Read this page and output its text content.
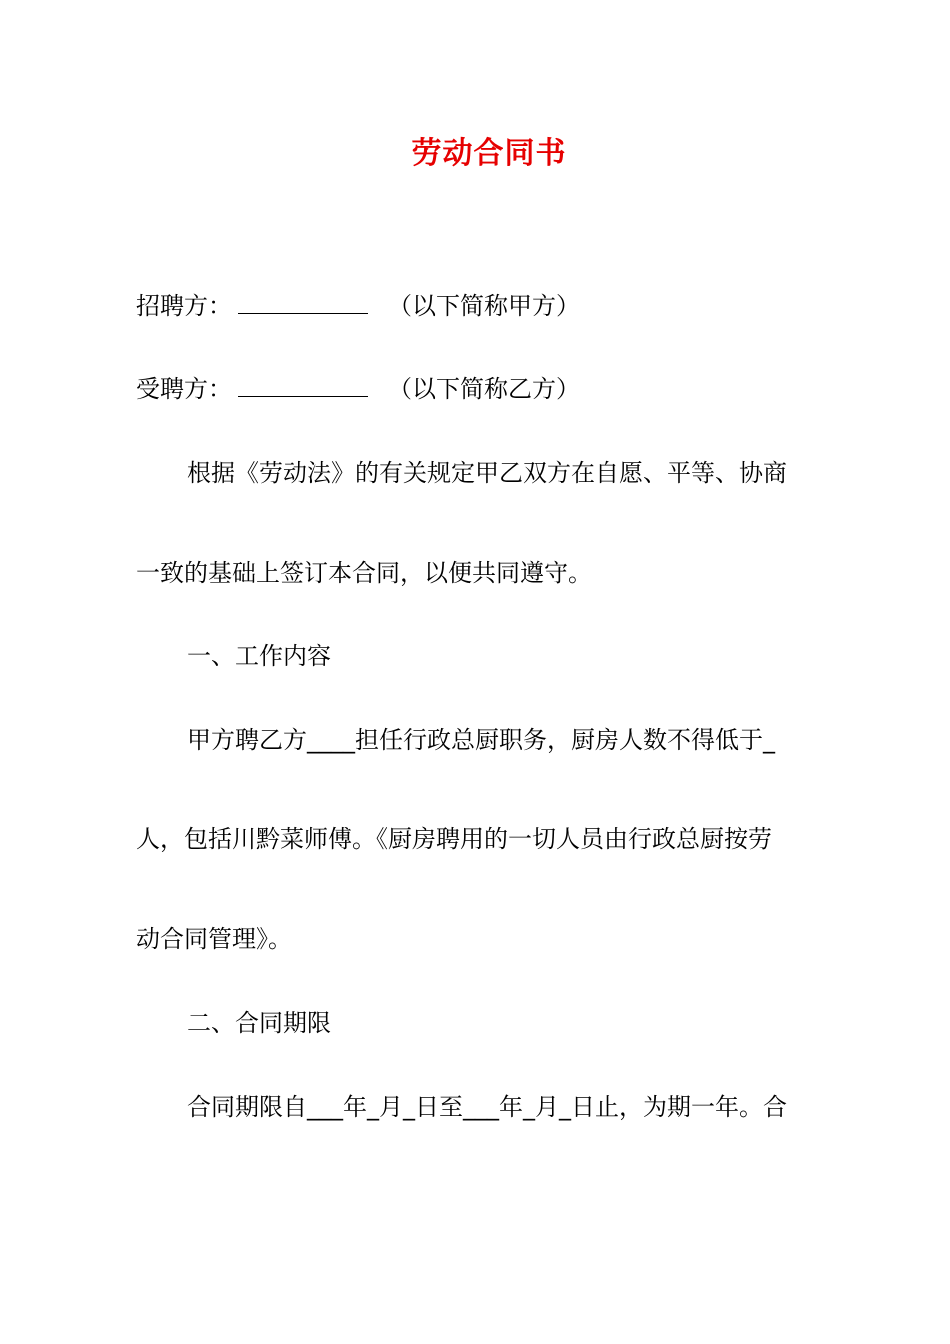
劳动合同书
招聘方：	（以下简称甲方）
受聘方：	（以下简称乙方）
根据《劳动法》的有关规定甲乙双方在自愿、平等、协商
一致的基础上签订本合同，以便共同遵守。
一、工作内容
甲方聘乙方____担任行政总厨职务，厨房人数不得低于_
人，包括川黔菜师傅。《厨房聘用的一切人员由行政总厨按劳
动合同管理》。
二、合同期限
合同期限自___年_月_日至___年_月_日止，为期一年。合
